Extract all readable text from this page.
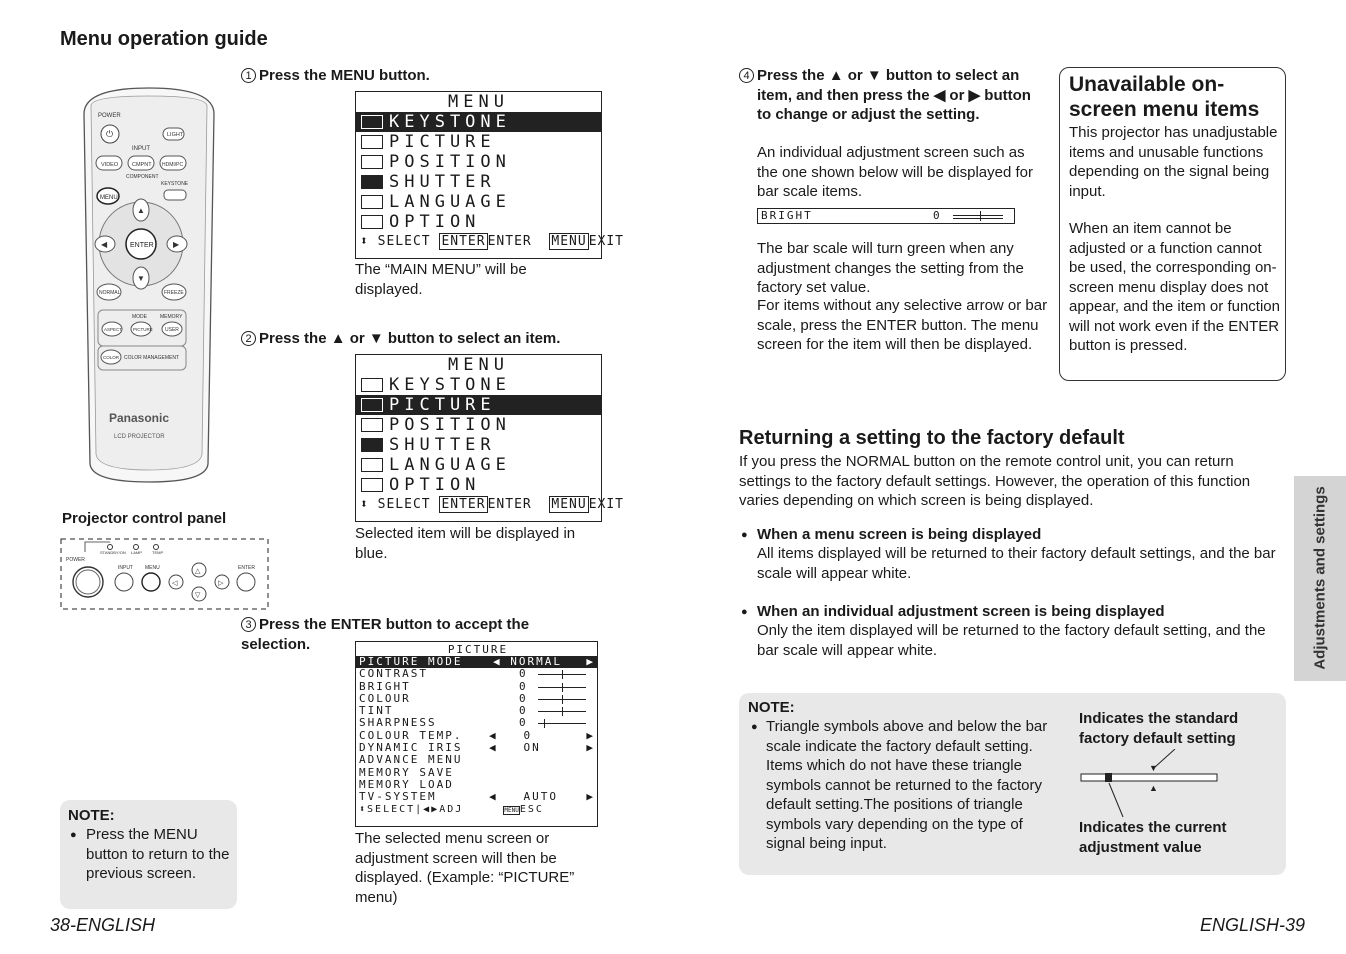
Menu operation guide
POWER
⏻	LIGHT
INPUT
VIDEO	CMPNT HDMI/PC
COMPONENT
KEYSTONE
MENU
▲
▼
◀	▶
ENTER
NORMAL	FREEZE
MODE	MEMORY
ASPECT PICTURE USER
COLOR COLOR MANAGEMENT
Panasonic
LCD PROJECTOR
1 Press the MENU button.
MENU
KEYSTONE
PICTURE
POSITION
SHUTTER
LANGUAGE
OPTION
⬍ SELECT ENTER ENTER MENU EXIT
The “MAIN MENU” will be displayed.
2 Press the ▲ or ▼ button to select an item.
MENU
KEYSTONE
PICTURE
POSITION
SHUTTER
LANGUAGE
OPTION
⬍ SELECT ENTER ENTER MENU EXIT
Selected item will be displayed in blue.
Projector control panel
POWER
STANDBY/ON LAMP	TEMP
INPUT MENU
◁
△
▽
▷
ENTER
3 Press the ENTER button to accept the selection.	PICTURE
PICTURE MODE	◀ NORMAL ▶
CONTRAST	0
BRIGHT	0
COLOUR	0
TINT	0
SHARPNESS	0
COLOUR TEMP. ◀   0	▶
DYNAMIC IRIS ◀   ON	▶
ADVANCE MENU
MEMORY SAVE
MEMORY LOAD
TV-SYSTEM	◀   AUTO	▶
⬍SELECT|◀▶ADJ	MENUESC
The selected menu screen or adjustment screen will then be displayed. (Example: “PICTURE” menu)
NOTE:
● Press the MENU button to return to the previous screen.
38-ENGLISH
4 Press the ▲ or ▼ button to select an item, and then press the ◀ or ▶ button to change or adjust the setting.
An individual adjustment screen such as the one shown below will be displayed for bar scale items.
BRIGHT	0
The bar scale will turn green when any adjustment changes the setting from the factory set value.
For items without any selective arrow or bar scale, press the ENTER button. The menu screen for the item will then be displayed.
Unavailable on-screen menu items
This projector has unadjustable items and unusable functions depending on the signal being input.
When an item cannot be adjusted or a function cannot be used, the corresponding on-screen menu display does not appear, and the item or function will not work even if the ENTER button is pressed.
Returning a setting to the factory default
If you press the NORMAL button on the remote control unit, you can return settings to the factory default settings. However, the operation of this function varies depending on which screen is being displayed.
● When a menu screen is being displayed
All items displayed will be returned to their factory default settings, and the bar scale will appear white.
● When an individual adjustment screen is being displayed
Only the item displayed will be returned to the factory default setting, and the bar scale will appear white.
NOTE:
● Triangle symbols above and below the bar scale indicate the factory default setting. Items which do not have these triangle symbols cannot be returned to the factory default setting.The positions of triangle symbols vary depending on the type of signal being input.
Indicates the standard factory default setting
▼
▲
Indicates the current adjustment value
Adjustments and settings
ENGLISH-39
